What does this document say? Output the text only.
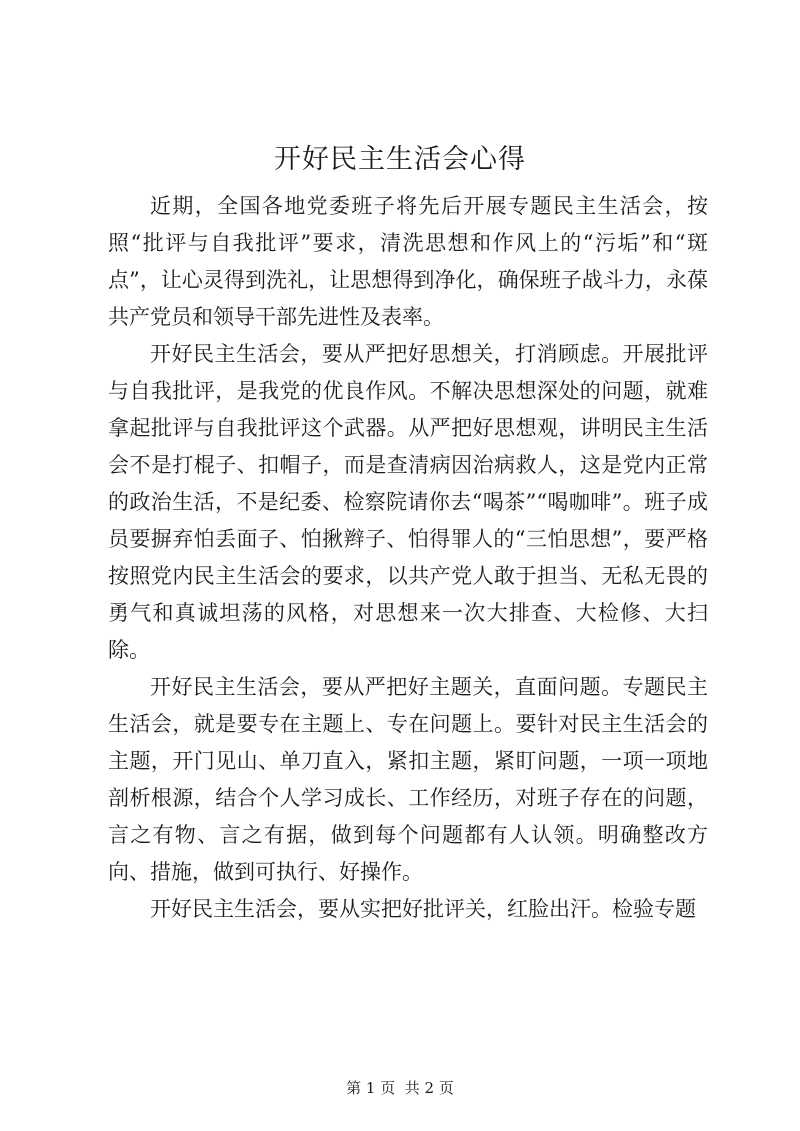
开好民主生活会心得

近期，全国各地党委班子将先后开展专题民主生活会，按照“批评与自我批评”要求，清洗思想和作风上的“污垢”和“斑点”，让心灵得到洗礼，让思想得到净化，确保班子战斗力，永葆共产党员和领导干部先进性及表率。

开好民主生活会，要从严把好思想关，打消顾虑。开展批评与自我批评，是我党的优良作风。不解决思想深处的问题，就难拿起批评与自我批评这个武器。从严把好思想观，讲明民主生活会不是打棍子、扣帽子，而是查清病因治病救人，这是党内正常的政治生活，不是纪委、检察院请你去“喝茶”“喝咖啡”。班子成员要摒弃怕丢面子、怕揪辫子、怕得罪人的“三怕思想”，要严格按照党内民主生活会的要求，以共产党人敢于担当、无私无畏的勇气和真诚坦荡的风格，对思想来一次大排查、大检修、大扫除。

开好民主生活会，要从严把好主题关，直面问题。专题民主生活会，就是要专在主题上、专在问题上。要针对民主生活会的主题，开门见山、单刀直入，紧扣主题，紧盯问题，一项一项地剖析根源，结合个人学习成长、工作经历，对班子存在的问题，言之有物、言之有据，做到每个问题都有人认领。明确整改方向、措施，做到可执行、好操作。

开好民主生活会，要从实把好批评关，红脸出汗。检验专题

第 1 页  共 2 页
